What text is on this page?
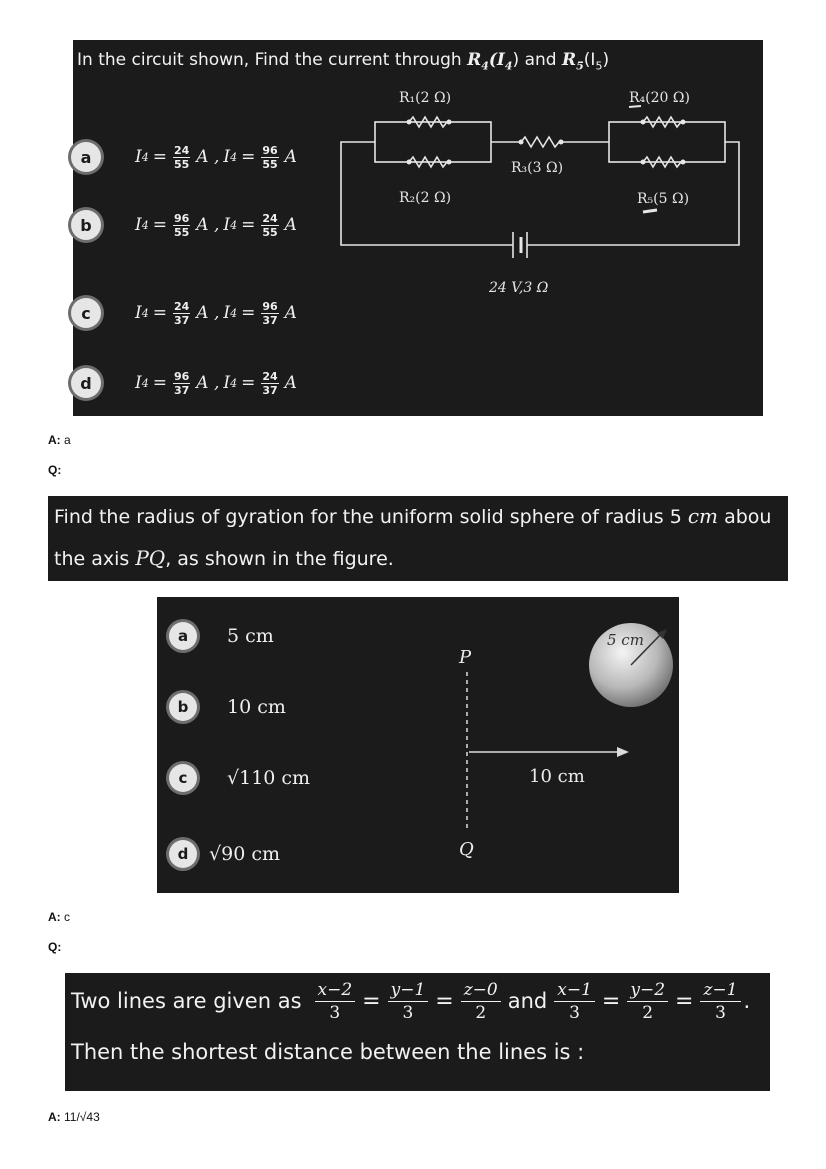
In the circuit shown, Find the current through $R_4(I_4)$ and $R_5(I_5)$
a	I $4 = \frac{24}{55}$ A , I $4 = \frac{96}{55}$ A
b	I $4 = \frac{96}{55}$ A , I $4 = \frac{24}{55}$ A
c	I $4 = \frac{24}{37}$ A , I $4 = \frac{96}{37}$ A
d	I $4 = \frac{96}{37}$ A , I $4 = \frac{24}{37}$ A
R₁(2 Ω)
R₂(2 Ω)
R₃(3 Ω)
R₄(20 Ω)
R₅(5 Ω)
24 V,3 Ω
A: a
Q:
Find the radius of gyration for the uniform solid sphere of radius 5 cm abou
the axis PQ, as shown in the figure.
a	5 cm
b	10 cm
c	√110 cm
d	√90 cm
P
Q
10 cm
5 cm
A: c
Q:
Two lines are given as $\frac{x-2}{3} = \frac{y-1}{3} = \frac{z-0}{2}$ and $\frac{x-1}{3} = \frac{y-2}{2} = \frac{z-1}{3}$ .
Then the shortest distance between the lines is :
A: 11/√43
